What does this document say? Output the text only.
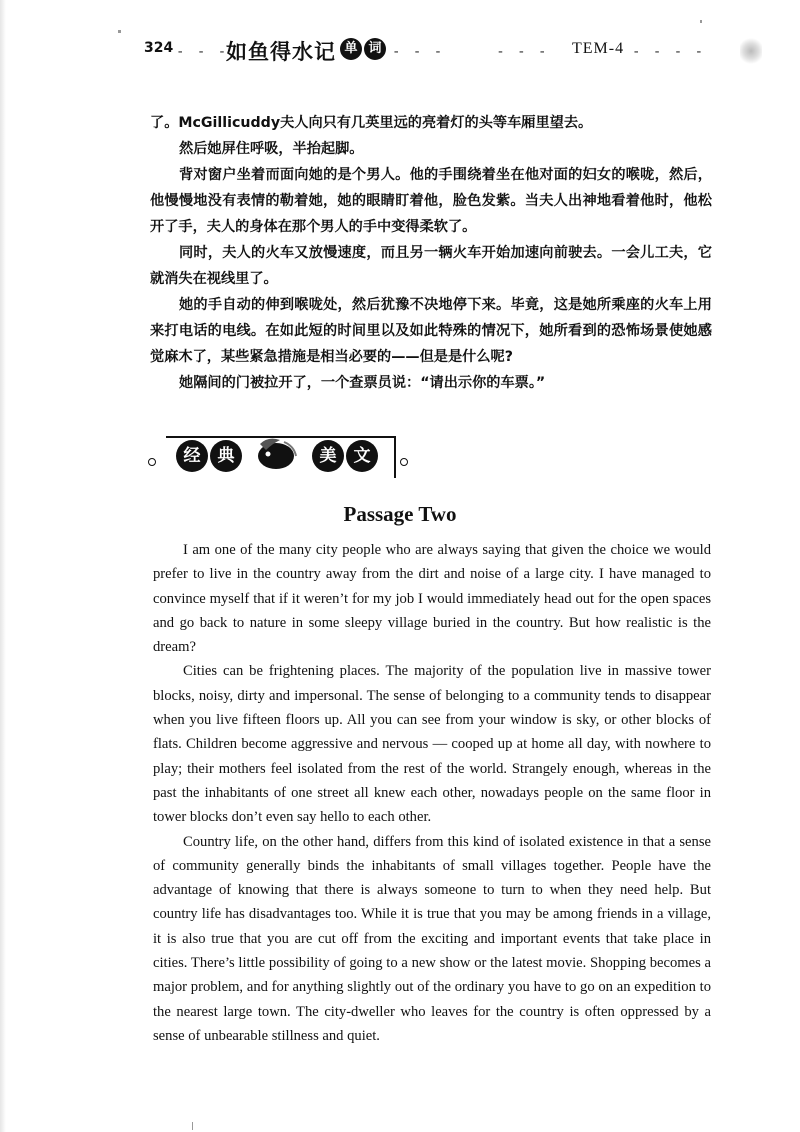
324 - - -
如鱼得水记 单 词 - - -     - - - TEM-4 - - - -

了。McGillicuddy夫人向只有几英里远的亮着灯的头等车厢里望去。

然后她屏住呼吸，半抬起脚。

背对窗户坐着而面向她的是个男人。他的手围绕着坐在他对面的妇女的喉咙，然后，他慢慢地没有表情的勒着她，她的眼睛盯着他，脸色发紫。当夫人出神地看着他时，他松开了手，夫人的身体在那个男人的手中变得柔软了。

同时，夫人的火车又放慢速度，而且另一辆火车开始加速向前驶去。一会儿工夫，它就消失在视线里了。

她的手自动的伸到喉咙处，然后犹豫不决地停下来。毕竟，这是她所乘座的火车上用来打电话的电线。在如此短的时间里以及如此特殊的情况下，她所看到的恐怖场景使她感觉麻木了，某些紧急措施是相当必要的——但是是什么呢?

她隔间的门被拉开了，一个查票员说：“请出示你的车票。”

经	典	美	文
Passage Two

I am one of the many city people who are always saying that given the choice we would prefer to live in the country away from the dirt and noise of a large city. I have managed to convince myself that if it weren’t for my job I would immediately head out for the open spaces and go back to nature in some sleepy village buried in the country. But how realistic is the dream?

Cities can be frightening places. The majority of the population live in massive tower blocks, noisy, dirty and impersonal. The sense of belonging to a community tends to disappear when you live fifteen floors up. All you can see from your window is sky, or other blocks of flats. Children become aggressive and nervous — cooped up at home all day, with nowhere to play; their mothers feel isolated from the rest of the world. Strangely enough, whereas in the past the inhabitants of one street all knew each other, nowadays people on the same floor in tower blocks don’t even say hello to each other.

Country life, on the other hand, differs from this kind of isolated existence in that a sense of community generally binds the inhabitants of small villages together. People have the advantage of knowing that there is always someone to turn to when they need help. But country life has disadvantages too. While it is true that you may be among friends in a village, it is also true that you are cut off from the exciting and important events that take place in cities. There’s little possibility of going to a new show or the latest movie. Shopping becomes a major problem, and for anything slightly out of the ordinary you have to go on an expedition to the nearest large town. The city-dweller who leaves for the country is often oppressed by a sense of unbearable stillness and quiet.
